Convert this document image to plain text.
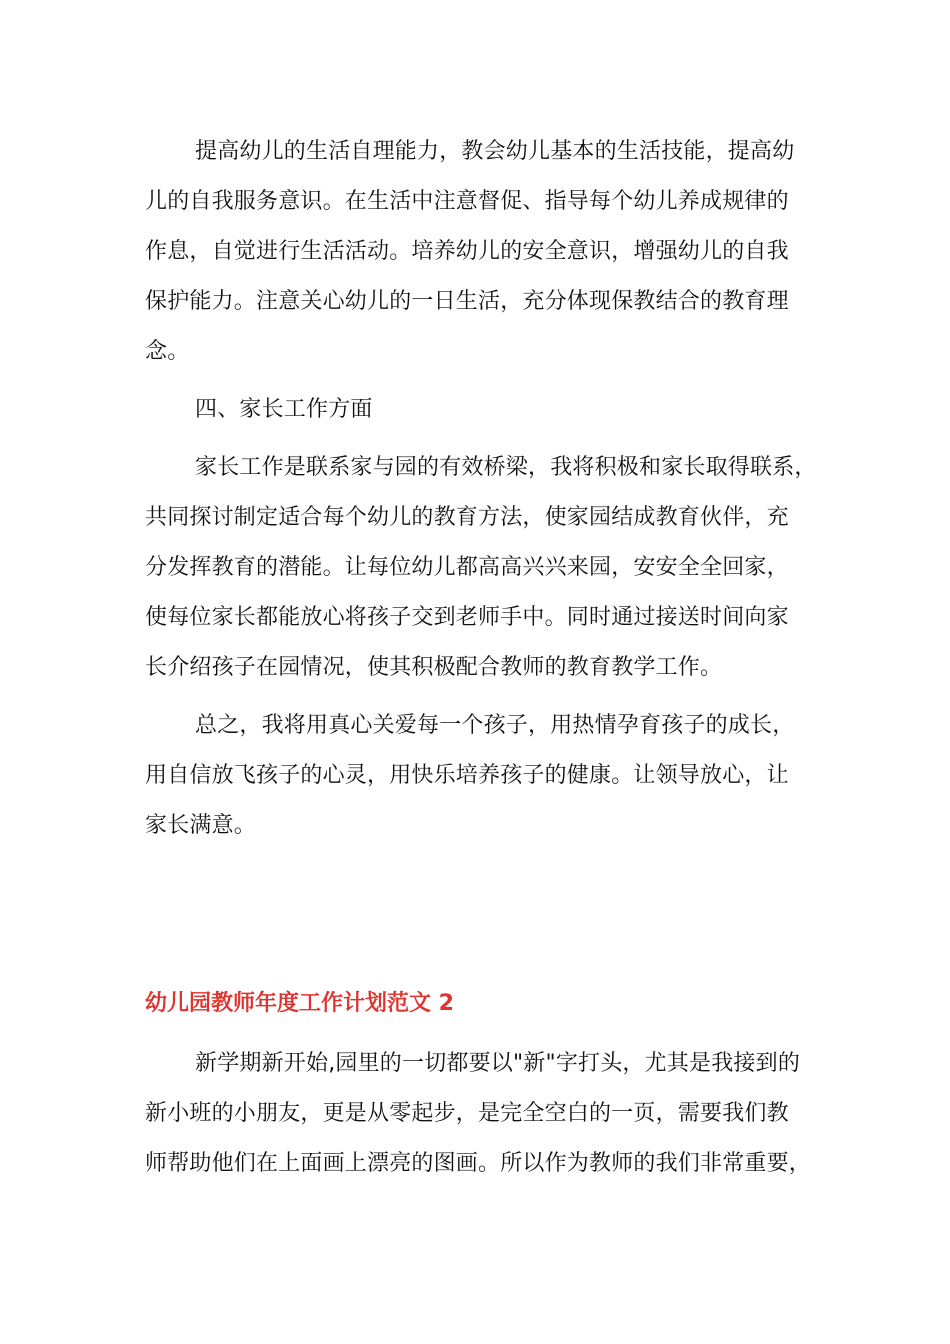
提高幼儿的生活自理能力，教会幼儿基本的生活技能，提高幼
儿的自我服务意识。在生活中注意督促、指导每个幼儿养成规律的
作息，自觉进行生活活动。培养幼儿的安全意识，增强幼儿的自我
保护能力。注意关心幼儿的一日生活，充分体现保教结合的教育理
念。
四、家长工作方面
家长工作是联系家与园的有效桥梁，我将积极和家长取得联系，
共同探讨制定适合每个幼儿的教育方法，使家园结成教育伙伴，充
分发挥教育的潜能。让每位幼儿都高高兴兴来园，安安全全回家，
使每位家长都能放心将孩子交到老师手中。同时通过接送时间向家
长介绍孩子在园情况，使其积极配合教师的教育教学工作。
总之，我将用真心关爱每一个孩子，用热情孕育孩子的成长，
用自信放飞孩子的心灵，用快乐培养孩子的健康。让领导放心，让
家长满意。
幼儿园教师年度工作计划范文 2
新学期新开始,园里的一切都要以"新"字打头，尤其是我接到的
新小班的小朋友，更是从零起步，是完全空白的一页，需要我们教
师帮助他们在上面画上漂亮的图画。所以作为教师的我们非常重要，
